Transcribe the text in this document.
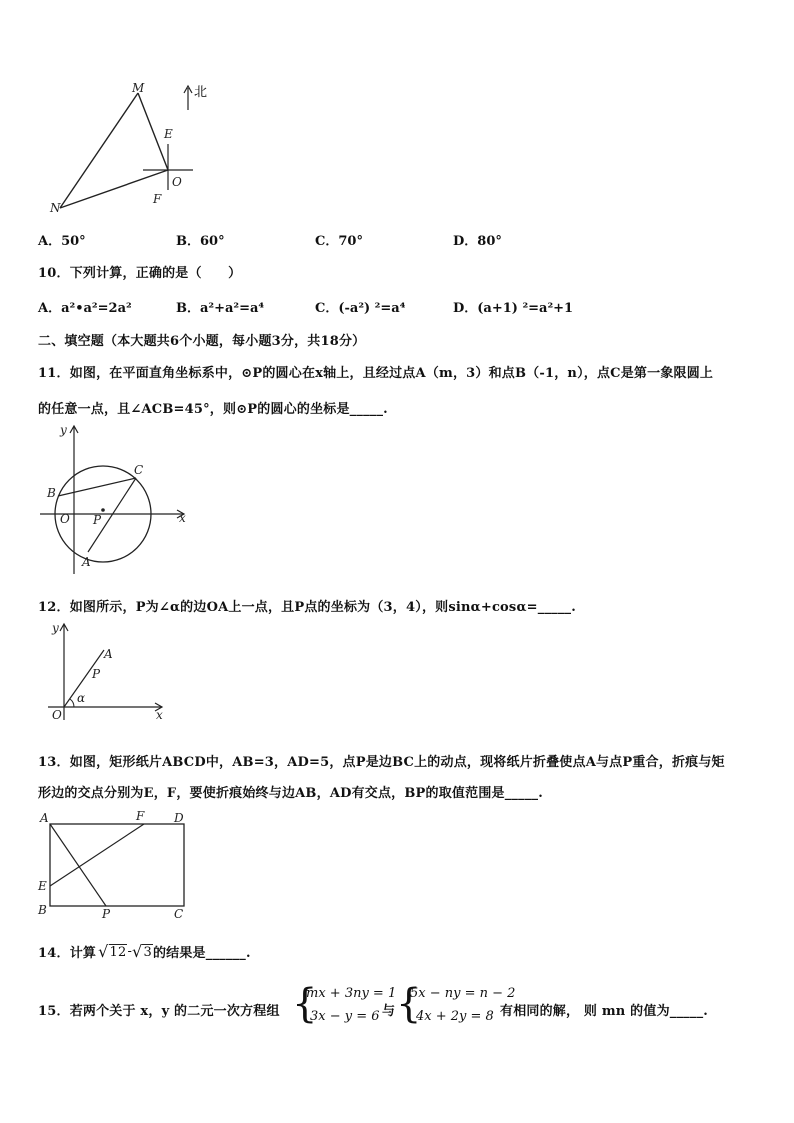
M
E
O
N
F
北
A．50°	B．60°	C．70°	D．80°
10．下列计算，正确的是（　　）
A．a²•a²=2a²	B．a²+a²=a⁴	C．(-a²) ²=a⁴	D．(a+1) ²=a²+1
二、填空题（本大题共6个小题，每小题3分，共18分）
11．如图，在平面直角坐标系中，⊙P的圆心在x轴上，且经过点A（m，3）和点B（-1，n），点C是第一象限圆上
的任意一点，且∠ACB=45°，则⊙P的圆心的坐标是_____.
y
x
B
C
O P
A
12．如图所示，P为∠α的边OA上一点，且P点的坐标为（3，4），则sinα+cosα=_____.
y
x
A
P
α
O
13．如图，矩形纸片ABCD中，AB=3，AD=5，点P是边BC上的动点，现将纸片折叠使点A与点P重合，折痕与矩
形边的交点分别为E，F，要使折痕始终与边AB，AD有交点，BP的取值范围是_____.
A	F D
E
B	P	C
14．计算 √ 12 - √ 3 的结果是______.
15．若两个关于 x，y 的二元一次方程组 {
mx + 3ny = 1
3x − y = 6 与 {
5x − ny = n − 2
4x + 2y = 8 有相同的解， 则 mn 的值为_____.
